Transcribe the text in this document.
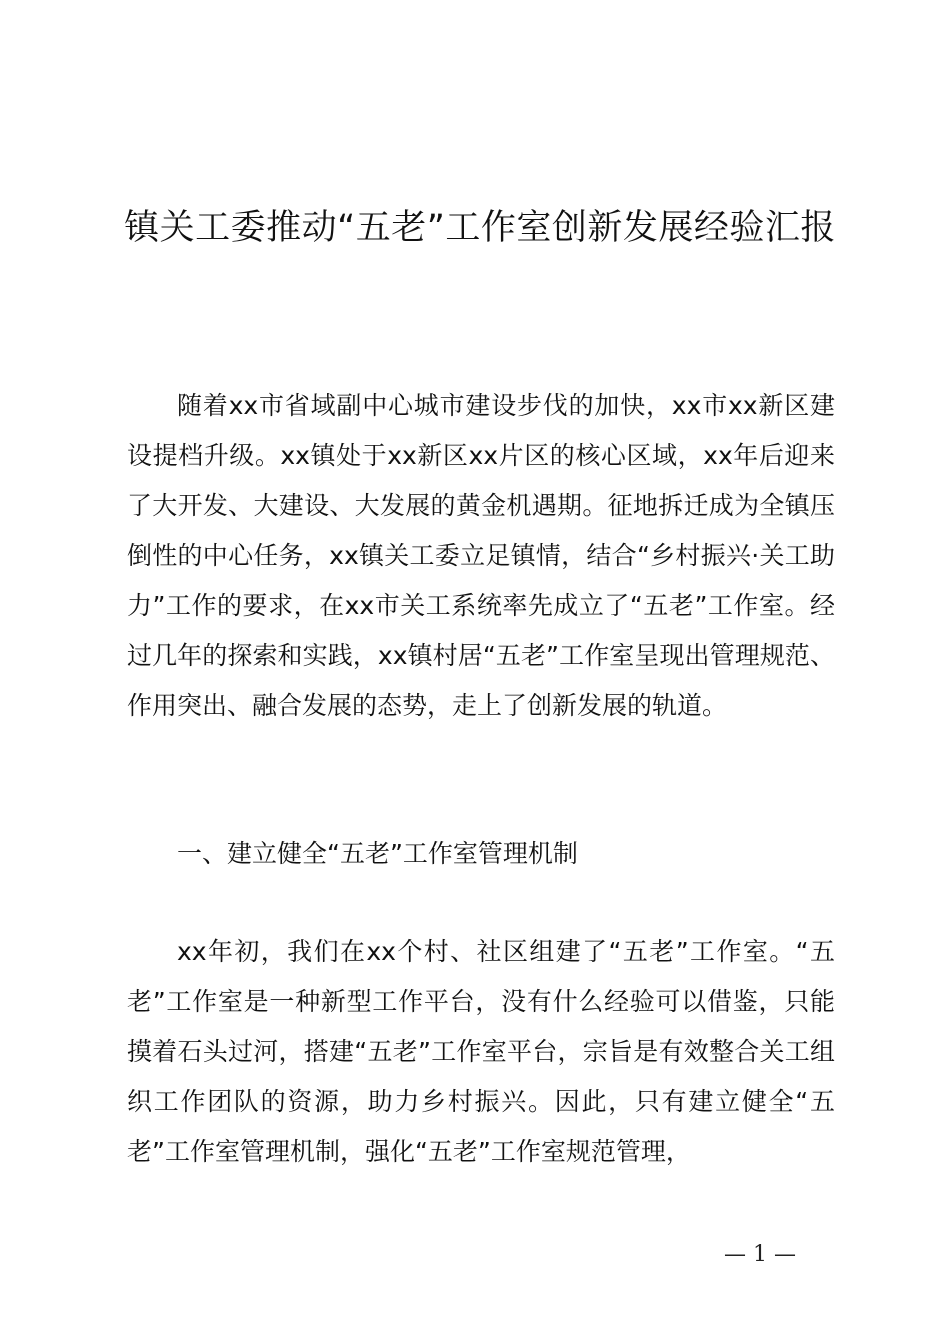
镇关工委推动“五老”工作室创新发展经验汇报

随着xx市省域副中心城市建设步伐的加快，xx市xx新区建设提档升级。xx镇处于xx新区xx片区的核心区域，xx年后迎来了大开发、大建设、大发展的黄金机遇期。征地拆迁成为全镇压倒性的中心任务，xx镇关工委立足镇情，结合“乡村振兴·关工助力”工作的要求，在xx市关工系统率先成立了“五老”工作室。经过几年的探索和实践，xx镇村居“五老”工作室呈现出管理规范、作用突出、融合发展的态势，走上了创新发展的轨道。

一、建立健全“五老”工作室管理机制

xx年初，我们在xx个村、社区组建了“五老”工作室。“五老”工作室是一种新型工作平台，没有什么经验可以借鉴，只能摸着石头过河，搭建“五老”工作室平台，宗旨是有效整合关工组织工作团队的资源，助力乡村振兴。因此，只有建立健全“五老”工作室管理机制，强化“五老”工作室规范管理，

— 1 —
